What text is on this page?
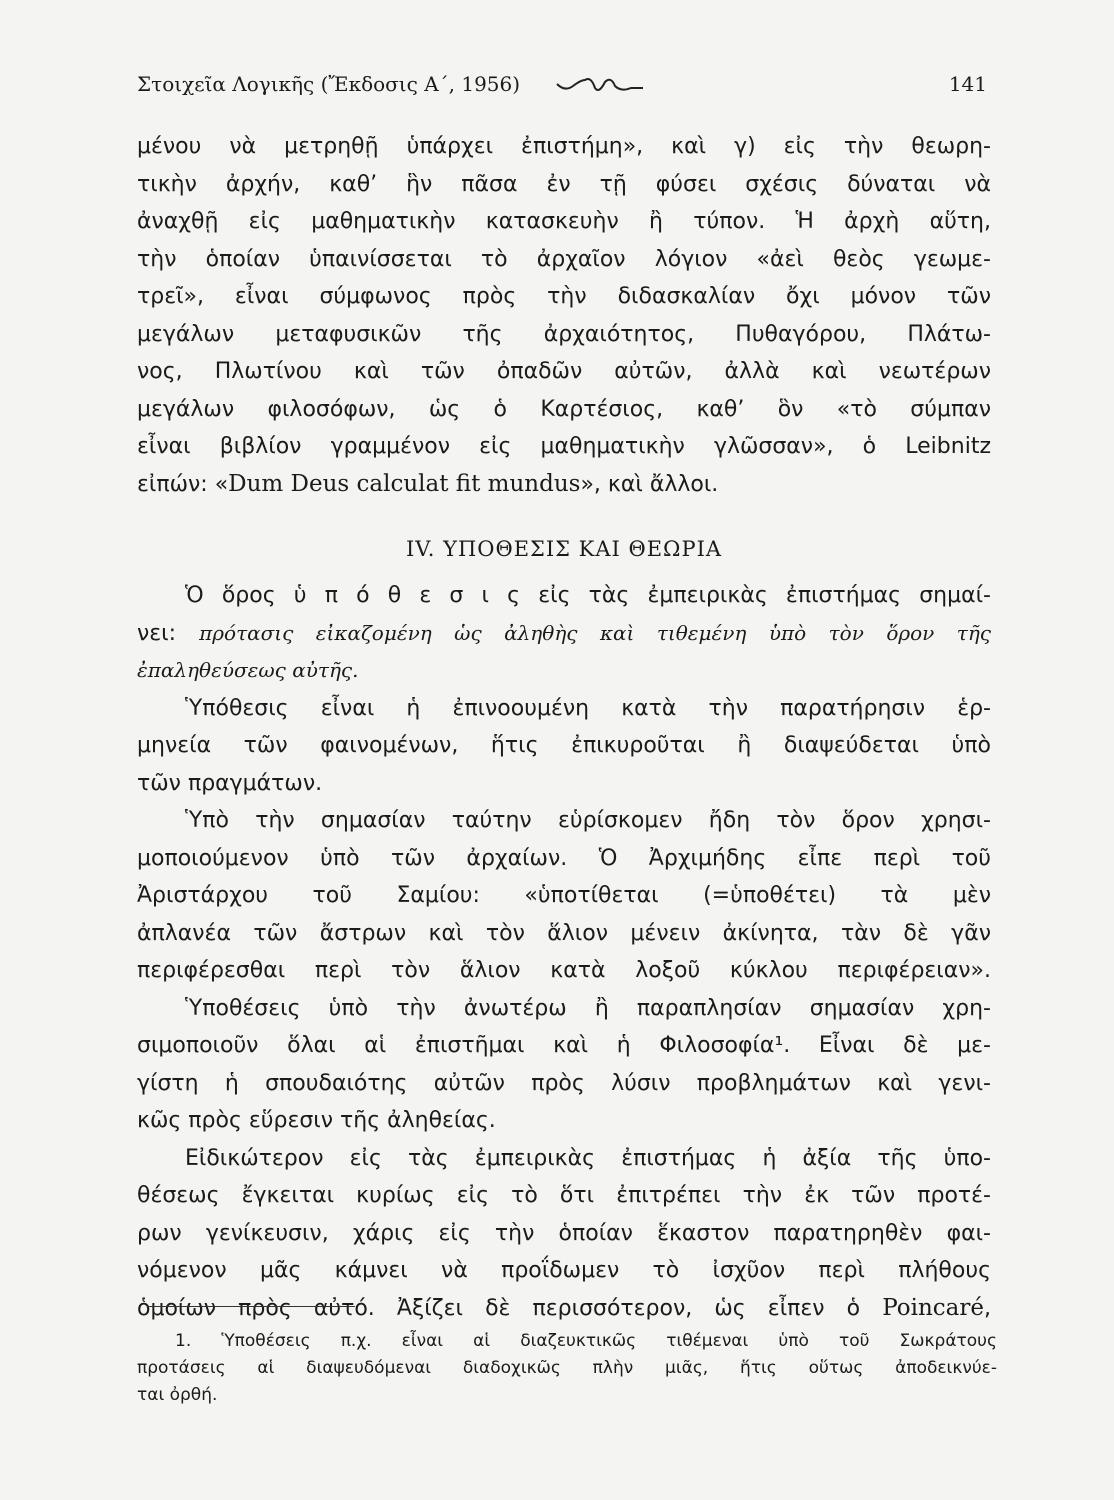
Στοιχεῖα Λογικῆς (Ἔκδοσις Α΄, 1956)	141
μένου νὰ μετρηθῇ ὑπάρχει ἐπιστήμη», καὶ γ) εἰς τὴν θεωρη-
τικὴν ἀρχήν, καθ’ ἣν πᾶσα ἐν τῇ φύσει σχέσις δύναται νὰ
ἀναχθῇ εἰς μαθηματικὴν κατασκευὴν ἢ τύπον. Ἡ ἀρχὴ αὕτη,
τὴν ὁποίαν ὑπαινίσσεται τὸ ἀρχαῖον λόγιον «ἀεὶ θεὸς γεωμε-
τρεῖ», εἶναι σύμφωνος πρὸς τὴν διδασκαλίαν ὄχι μόνον τῶν
μεγάλων μεταφυσικῶν τῆς ἀρχαιότητος, Πυθαγόρου, Πλάτω-
νος, Πλωτίνου καὶ τῶν ὀπαδῶν αὐτῶν, ἀλλὰ καὶ νεωτέρων
μεγάλων φιλοσόφων, ὡς ὁ Καρτέσιος, καθ’ ὃν «τὸ σύμπαν
εἶναι βιβλίον γραμμένον εἰς μαθηματικὴν γλῶσσαν», ὁ Leibnitz
εἰπών: «Dum Deus calculat fit mundus», καὶ ἄλλοι.
IV. ΥΠΟΘΕΣΙΣ ΚΑΙ ΘΕΩΡΙΑ
Ὁ ὅρος ὑ π ό θ ε σ ι ς εἰς τὰς ἐμπειρικὰς ἐπιστήμας σημαί-
νει: πρότασις εἰκαζομένη ὡς ἀληθὴς καὶ τιθεμένη ὑπὸ τὸν ὅρον τῆς
ἐπαληθεύσεως αὐτῆς.
Ὑπόθεσις εἶναι ἡ ἐπινοουμένη κατὰ τὴν παρατήρησιν ἑρ-
μηνεία τῶν φαινομένων, ἥτις ἐπικυροῦται ἢ διαψεύδεται ὑπὸ
τῶν πραγμάτων.
Ὑπὸ τὴν σημασίαν ταύτην εὑρίσκομεν ἤδη τὸν ὅρον χρησι-
μοποιούμενον ὑπὸ τῶν ἀρχαίων. Ὁ Ἀρχιμήδης εἶπε περὶ τοῦ
Ἀριστάρχου τοῦ Σαμίου: «ὑποτίθεται (=ὑποθέτει) τὰ μὲν
ἀπλανέα τῶν ἄστρων καὶ τὸν ἅλιον μένειν ἀκίνητα, τὰν δὲ γᾶν
περιφέρεσθαι περὶ τὸν ἅλιον κατὰ λοξοῦ κύκλου περιφέρειαν».
Ὑποθέσεις ὑπὸ τὴν ἀνωτέρω ἢ παραπλησίαν σημασίαν χρη-
σιμοποιοῦν ὅλαι αἱ ἐπιστῆμαι καὶ ἡ Φιλοσοφία¹. Εἶναι δὲ με-
γίστη ἡ σπουδαιότης αὐτῶν πρὸς λύσιν προβλημάτων καὶ γενι-
κῶς πρὸς εὕρεσιν τῆς ἀληθείας.
Εἰδικώτερον εἰς τὰς ἐμπειρικὰς ἐπιστήμας ἡ ἀξία τῆς ὑπο-
θέσεως ἔγκειται κυρίως εἰς τὸ ὅτι ἐπιτρέπει τὴν ἐκ τῶν προτέ-
ρων γενίκευσιν, χάρις εἰς τὴν ὁποίαν ἕκαστον παρατηρηθὲν φαι-
νόμενον μᾶς κάμνει νὰ προΐδωμεν τὸ ἰσχῦον περὶ πλήθους
ὁμοίων πρὸς αὐτό. Ἀξίζει δὲ περισσότερον, ὡς εἶπεν ὁ Poincaré,
1. Ὑποθέσεις π.χ. εἶναι αἱ διαζευκτικῶς τιθέμεναι ὑπὸ τοῦ Σωκράτους
προτάσεις αἱ διαψευδόμεναι διαδοχικῶς πλὴν μιᾶς, ἥτις οὕτως ἀποδεικνύε-
ται ὀρθή.
